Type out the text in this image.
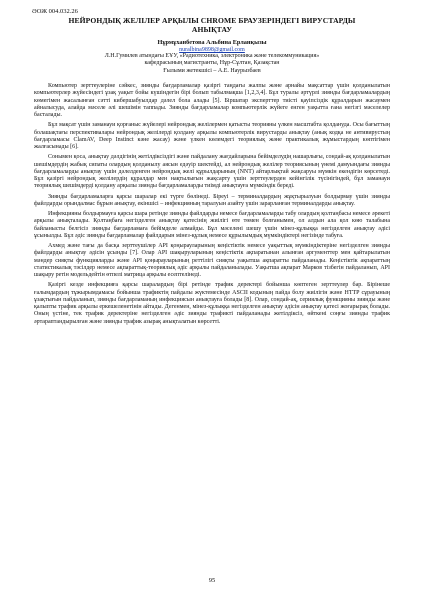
ӘОЖ 004.032.26
НЕЙРОНДЫҚ ЖЕЛІЛЕР АРҚЫЛЫ CHROME БРАУЗЕРІНДЕГІ ВИРУСТАРДЫ
АНЫҚТАУ
Нұрмұханбетова Альбина Ерланқызы
nuralbina9898@gmail.com
Л.Н.Гумилев атындағы ЕҰУ, «Радиотехника, электроника және телекоммуникация»
кафедрасының магистранты, Нұр-Сұлтан, Қазақстан
Ғылыми жетекшісі – А.Е. Наурызбаев

Компьютер зерттеулеріне сәйкес, зиянды бағдарламалар қазіргі таңдағы жалпы және арнайы мақсаттар үшін қолданылатын компьютерлер жүйесіндегі ұзақ уақыт бойы күшіндегін бірі болып табылмақша [1,2,3,4]. Бұл туралы әртүрлі зиянды бағдарламалардың көмегімен жасалынған сәтті кибершабуылдар дәлел бола алады [5]. Біршатар эксперттер тиісті қауіпсіздік құралдарын жасаумен айналысуда, алайда мәселе әлі шешімін таппады. Зиянды бағдарламалар компьютерлік жүйеге енген уақытта ғана негізгі мәселелер басталады.

Бұл мақсат үшін заманауи қорғаныс жүйелері нейрондық желілермен қатысты теорияны үлкен масштабта қолдануда. Осы бағыттың болашақтағы перспективалары нейрондық желілерді қолдану арқылы компьютерлік вирустарды анықтау (анық кодқа не антивирустың бағдарламасы ClamAV, Deep Instinct кәне жасау) және үлкен көлемдегі теориялық және практикалық жұмыстардың көптігімен жалғасынады [6].

Сонымен қоса, анықтау дәлдігінің жетілдіксіздігі және пайдалану жағдайларына бейімделудің нашарлығы, сондай-ақ қолданылатын шешімдердің жабық сипаты олардың қолданылу аясын едәуір шектейді, ал нейрондық желілер теориясының үнемі дамуындағы зиянды бағдарламаларды анықтау үшін дәлелденген нейрондық желі құрылдарының (NNT) айтарлықтай жақсаруы мүмкін екендігін көрсетеді. Бұл қазіргі нейрондық желілердің құралдар мен нақтылығын жақсарту үшін зерттеулерден кейінгілік түсінігіндей, бұл заманауи теориялық шешімдерді қолдану арқылы зиянды бағдарламаларды тиімді анықтауға мүмкіндік береді.

Зиянды бағдарламаларға қарсы шаралар екі түрге бөлінеді. Біреуі – терминалдардың жұқтырылуын болдырмау үшін зиянды файлдарды орындалмас бұрын анықтау, екіншісі – инфекцияның таралуын азайту үшін зарарланған терминалдарды анықтау.

Инфекцияны болдырмауға қарсы шара ретінде зиянды файлдарды немесе бағдарламаларды табу олардың қолтаңбасы немесе әрекеті арқылы анықталады. Қолтаңбаға негізделген анықтау қатесінің жиілігі өте төмен болғанымен, ол алдын ала қол көю талабына байланысты белгісіз зиянды бағдарламаға бейімделе алмайды. Бұл мәселені шешу үшін мінез-құлыққа негізделген анықтау әдісі ұсынылды. Бұл әдіс зиянды бағдарламалар файлдарын мінез-құлық немесе құрылымдық мүмкіндіктері негізінде табуға.

Ахмед және тағы да басқа зерттеушілер API қоңырауларының кеңістіктік немесе уақыттық мүмкіндіктеріне негізделген зиянды файлдарды анықтау әдісін ұсынды [7]. Олар API шақыруларының кеңістіктік ақпаратынан алынған аргументтер мен қайтарылатын мәндер сияқты функцияларды және API қоңырауларының реттілігі сияқты уақытша ақпаратты пайдаланады. Кеңістіктік ақпараттың статистикалық тәсілдер немесе ақпараттық-теориялық әдіс арқылы пайдаланылады. Уақытша ақпарат Марков тізбегін пайдаланып, API шақыру ретін модельдейтін өтпелі матрица арқылы есептелінеді.

Қазіргі кезде инфекцияға қарсы шаралардың бірі ретінде трафик деректері бойынша көптеген зерттеулер бар. Бірінеше ғалымдардың тұжырымдамасы бойынша трафиктің пайдалы жүктемесінде ASCII кодының пайда болу жиілігін және HTTP сұрауының ұзақтығын пайдаланып, зиянды бағдарламаның инфекциясын анықтауға болады [8]. Олар, сондай-ақ, сериялық функцияны зиянды және қалыпты трафик арқылы еркешеленетінін айтады. Дегенмен, мінез-құлыққа негізделген анықтау әдісін анықтау қатесі жоғарырақ болады. Оның үстіне, тек трафик деректеріне негізделген әдіс зиянды трафикті пайдаланады жетілдіксіз, өйткені соңғы зиянды трафик әртараптандырылған және зиянды трафик азырақ анықталатын көрсетті.

95
